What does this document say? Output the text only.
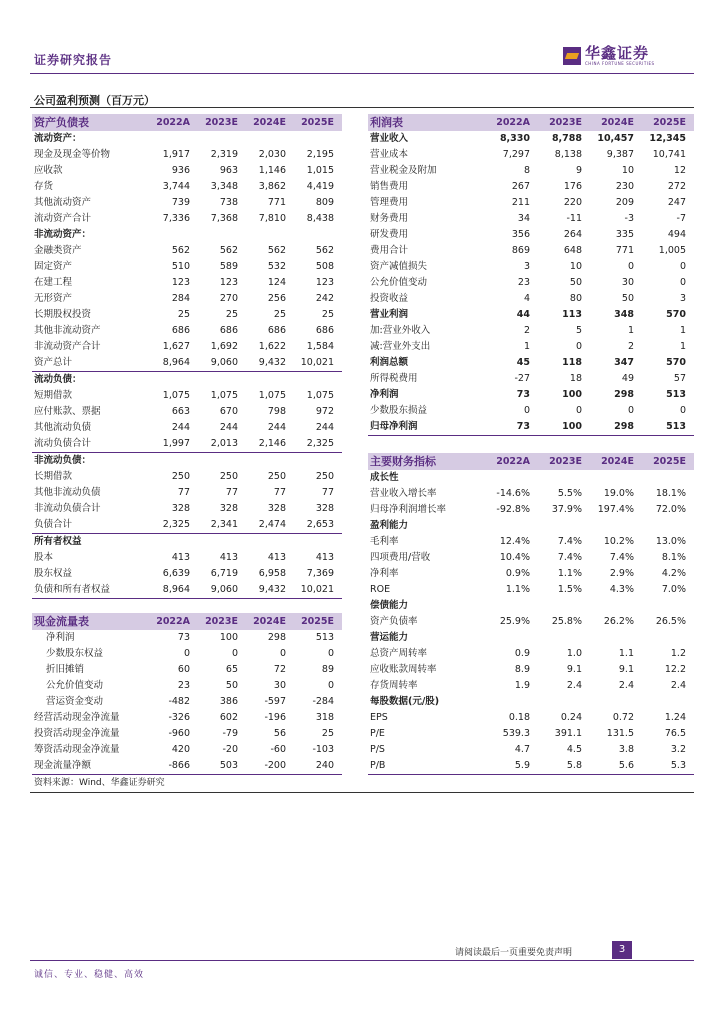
证券研究报告	华鑫证券
CHINA FORTUNE SECURITIES
公司盈利预测（百万元）
资产负债表	2022A	2023E	2024E	2025E
流动资产：				
现金及现金等价物	1,917	2,319	2,030	2,195
应收款	936	963	1,146	1,015
存货	3,744	3,348	3,862	4,419
其他流动资产	739	738	771	809
流动资产合计	7,336	7,368	7,810	8,438
非流动资产：				
金融类资产	562	562	562	562
固定资产	510	589	532	508
在建工程	123	123	124	123
无形资产	284	270	256	242
长期股权投资	25	25	25	25
其他非流动资产	686	686	686	686
非流动资产合计	1,627	1,692	1,622	1,584
资产总计	8,964	9,060	9,432	10,021
流动负债：				
短期借款	1,075	1,075	1,075	1,075
应付账款、票据	663	670	798	972
其他流动负债	244	244	244	244
流动负债合计	1,997	2,013	2,146	2,325
非流动负债：				
长期借款	250	250	250	250
其他非流动负债	77	77	77	77
非流动负债合计	328	328	328	328
负债合计	2,325	2,341	2,474	2,653
所有者权益				
股本	413	413	413	413
股东权益	6,639	6,719	6,958	7,369
负债和所有者权益	8,964	9,060	9,432	10,021
利润表	2022A	2023E	2024E	2025E
营业收入	8,330	8,788	10,457	12,345
营业成本	7,297	8,138	9,387	10,741
营业税金及附加	8	9	10	12
销售费用	267	176	230	272
管理费用	211	220	209	247
财务费用	34	-11	-3	-7
研发费用	356	264	335	494
费用合计	869	648	771	1,005
资产减值损失	3	10	0	0
公允价值变动	23	50	30	0
投资收益	4	80	50	3
营业利润	44	113	348	570
加:营业外收入	2	5	1	1
减:营业外支出	1	0	2	1
利润总额	45	118	347	570
所得税费用	-27	18	49	57
净利润	73	100	298	513
少数股东损益	0	0	0	0
归母净利润	73	100	298	513
主要财务指标	2022A	2023E	2024E	2025E
成长性				
营业收入增长率	-14.6%	5.5%	19.0%	18.1%
归母净利润增长率	-92.8%	37.9%	197.4%	72.0%
盈利能力				
毛利率	12.4%	7.4%	10.2%	13.0%
四项费用/营收	10.4%	7.4%	7.4%	8.1%
净利率	0.9%	1.1%	2.9%	4.2%
ROE	1.1%	1.5%	4.3%	7.0%
偿债能力				
资产负债率	25.9%	25.8%	26.2%	26.5%
营运能力				
总资产周转率	0.9	1.0	1.1	1.2
应收账款周转率	8.9	9.1	9.1	12.2
存货周转率	1.9	2.4	2.4	2.4
每股数据(元/股)				
EPS	0.18	0.24	0.72	1.24
P/E	539.3	391.1	131.5	76.5
P/S	4.7	4.5	3.8	3.2
P/B	5.9	5.8	5.6	5.3
现金流量表	2022A	2023E	2024E	2025E
净利润	73	100	298	513
少数股东权益	0	0	0	0
折旧摊销	60	65	72	89
公允价值变动	23	50	30	0
营运资金变动	-482	386	-597	-284
经营活动现金净流量	-326	602	-196	318
投资活动现金净流量	-960	-79	56	25
筹资活动现金净流量	420	-20	-60	-103
现金流量净额	-866	503	-200	240
资料来源：Wind、华鑫证券研究
请阅读最后一页重要免责声明	3
诚信、专业、稳健、高效
